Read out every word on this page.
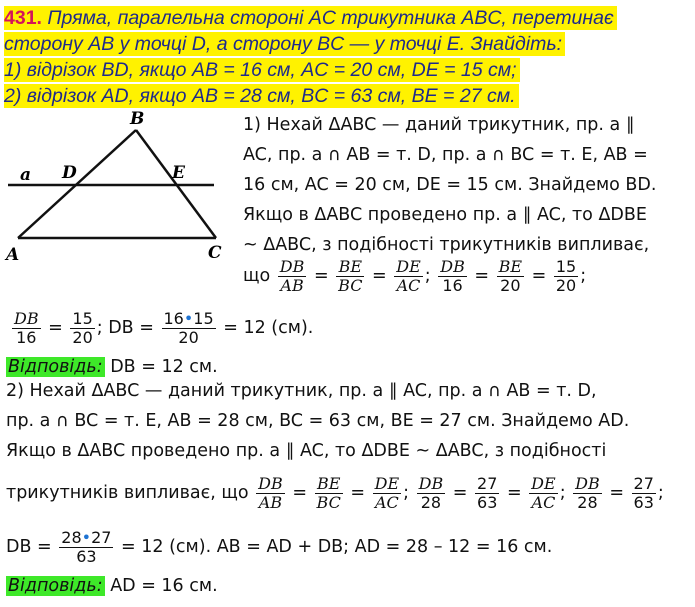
431. Пряма, паралельна стороні AC трикутника ABC, перетинає
сторону AB у точці D, а сторону BC — у точці E. Знайдіть:
1) відрізок BD, якщо AB = 16 см, AC = 20 см, DE = 15 см;
2) відрізок AD, якщо AB = 28 см, BC = 63 см, BE = 27 см.
B
a D	E
A	C
1) Нехай ΔABC — даний трикутник, пр. a ∥
AC, пр. a ∩ AB = т. D, пр. a ∩ BC = т. E, AB =
16 см, AC = 20 см, DE = 15 см. Знайдемо BD.
Якщо в ΔABC проведено пр. a ∥ AC, то ΔDBE
~ ΔABC, з подібності трикутників випливає,
що $\frac{DB}{AB} = \frac{BE}{BC} = \frac{DE}{AC}$ ; $\frac{DB}{16} = \frac{BE}{20} = \frac{15}{20}$ ;
$\frac{DB}{16} = \frac{15}{20}$ ; DB = $\frac{16•15}{20} = 12$ (см).
Відповідь: DB = 12 см.
2) Нехай ΔABC — даний трикутник, пр. a ∥ AC, пр. a ∩ AB = т. D,
пр. a ∩ BC = т. E, AB = 28 см, BC = 63 см, BE = 27 см. Знайдемо AD.
Якщо в ΔABC проведено пр. a ∥ AC, то ΔDBE ~ ΔABC, з подібності
трикутників випливає, що $\frac{DB}{AB} = \frac{BE}{BC} = \frac{DE}{AC}$ ; $\frac{DB}{28} = \frac{27}{63} = \frac{DE}{AC}$ ; $\frac{DB}{28} = \frac{27}{63}$ ;
DB = $\frac{28•27}{63} = 12$ (см). AB = AD + DB; AD = 28 – 12 = 16 см.
Відповідь: AD = 16 см.
